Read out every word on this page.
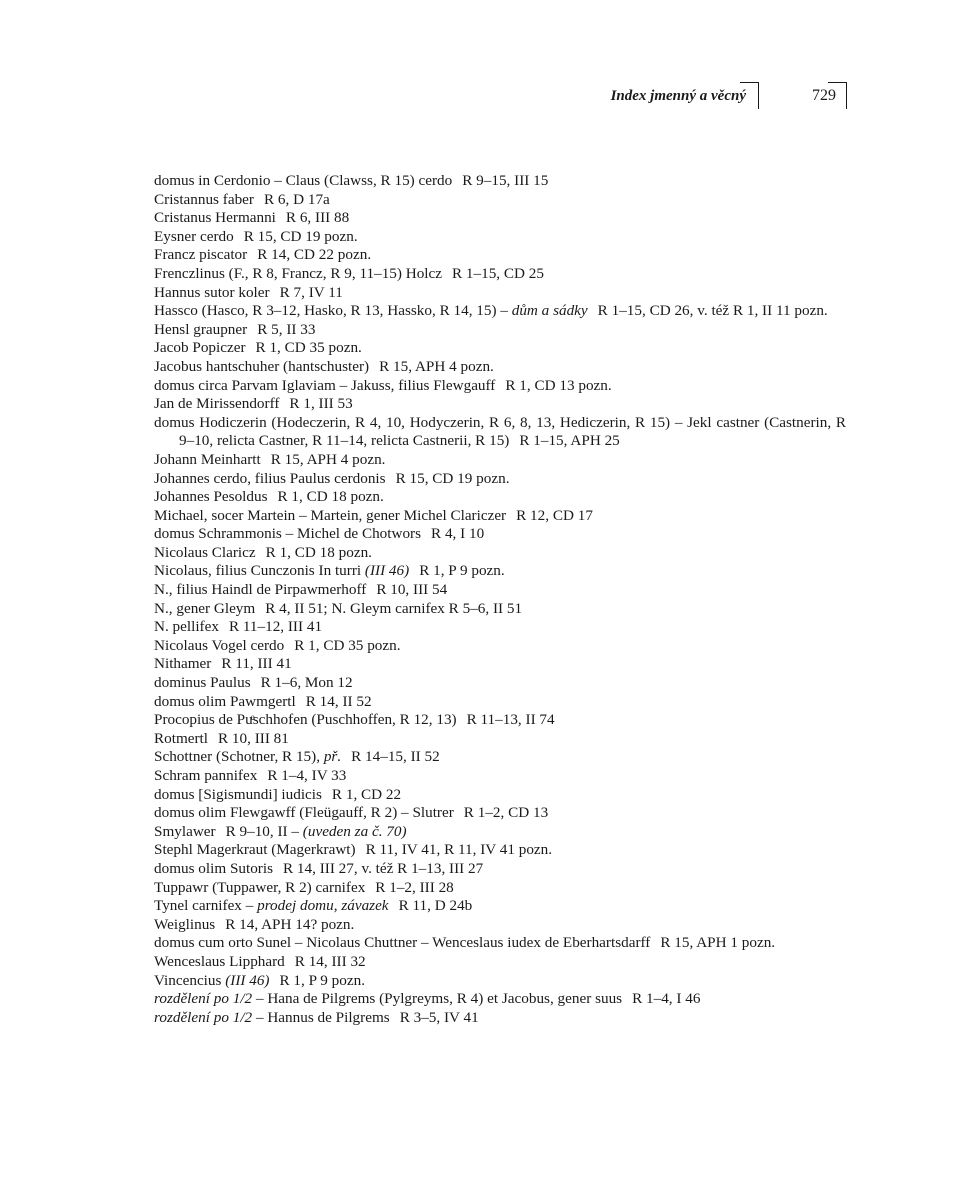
Index jmenný a věcný	729
domus in Cerdonio – Claus (Clawss, R 15) cerdo R 9–15, III 15
Cristannus faber R 6, D 17a
Cristanus Hermanni R 6, III 88
Eysner cerdo R 15, CD 19 pozn.
Francz piscator R 14, CD 22 pozn.
Frenczlinus (F., R 8, Francz, R 9, 11–15) Holcz R 1–15, CD 25
Hannus sutor koler R 7, IV 11
Hassco (Hasco, R 3–12, Hasko, R 13, Hassko, R 14, 15) – dům a sádky R 1–15, CD 26, v. též R 1, II 11 pozn.
Hensl graupner R 5, II 33
Jacob Popiczer R 1, CD 35 pozn.
Jacobus hantschuher (hantschuster) R 15, APH 4 pozn.
domus circa Parvam Iglaviam – Jakuss, filius Flewgauff R 1, CD 13 pozn.
Jan de Mirissendorff R 1, III 53
domus Hodiczerin (Hodeczerin, R 4, 10, Hodyczerin, R 6, 8, 13, Hediczerin, R 15) – Jekl castner (Castnerin, R 9–10, relicta Castner, R 11–14, relicta Castnerii, R 15) R 1–15, APH 25
Johann Meinhartt R 15, APH 4 pozn.
Johannes cerdo, filius Paulus cerdonis R 15, CD 19 pozn.
Johannes Pesoldus R 1, CD 18 pozn.
Michael, socer Martein – Martein, gener Michel Clariczer R 12, CD 17
domus Schrammonis – Michel de Chotwors R 4, I 10
Nicolaus Claricz R 1, CD 18 pozn.
Nicolaus, filius Cunczonis In turri (III 46) R 1, P 9 pozn.
N., filius Haindl de Pirpawmerhoff R 10, III 54
N., gener Gleym R 4, II 51; N. Gleym carnifex R 5–6, II 51
N. pellifex R 11–12, III 41
Nicolaus Vogel cerdo R 1, CD 35 pozn.
Nithamer R 11, III 41
dominus Paulus R 1–6, Mon 12
domus olim Pawmgertl R 14, II 52
Procopius de Puͤschhofen (Puschhoffen, R 12, 13) R 11–13, II 74
Rotmertl R 10, III 81
Schottner (Schotner, R 15), př. R 14–15, II 52
Schram pannifex R 1–4, IV 33
domus [Sigismundi] iudicis R 1, CD 22
domus olim Flewgawff (Fleügauff, R 2) – Slutrer R 1–2, CD 13
Smylawer R 9–10, II – (uveden za č. 70)
Stephl Magerkraut (Magerkrawt) R 11, IV 41, R 11, IV 41 pozn.
domus olim Sutoris R 14, III 27, v. též R 1–13, III 27
Tuppawr (Tuppawer, R 2) carnifex R 1–2, III 28
Tynel carnifex – prodej domu, závazek R 11, D 24b
Weiglinus R 14, APH 14? pozn.
domus cum orto Sunel – Nicolaus Chuttner – Wenceslaus iudex de Eberhartsdarff R 15, APH 1 pozn.
Wenceslaus Lipphard R 14, III 32
Vincencius (III 46) R 1, P 9 pozn.
rozdělení po 1/2 – Hana de Pilgrems (Pylgreyms, R 4) et Jacobus, gener suus R 1–4, I 46
rozdělení po 1/2 – Hannus de Pilgrems R 3–5, IV 41
